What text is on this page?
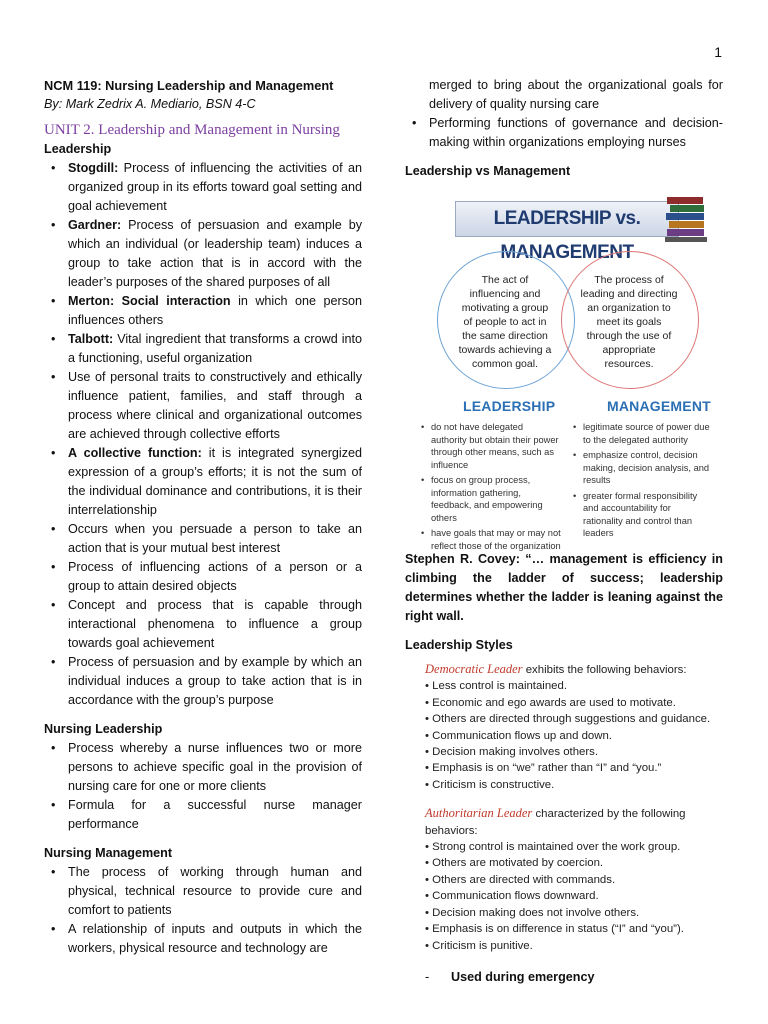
1
NCM 119: Nursing Leadership and Management
By: Mark Zedrix A. Mediario, BSN 4-C
UNIT 2. Leadership and Management in Nursing
Leadership
• Stogdill: Process of influencing the activities of an organized group in its efforts toward goal setting and goal achievement
• Gardner: Process of persuasion and example by which an individual (or leadership team) induces a group to take action that is in accord with the leader’s purposes of the shared purposes of all
• Merton: Social interaction in which one person influences others
• Talbott: Vital ingredient that transforms a crowd into a functioning, useful organization
• Use of personal traits to constructively and ethically influence patient, families, and staff through a process where clinical and organizational outcomes are achieved through collective efforts
• A collective function: it is integrated synergized expression of a group’s efforts; it is not the sum of the individual dominance and contributions, it is their interrelationship
• Occurs when you persuade a person to take an action that is your mutual best interest
• Process of influencing actions of a person or a group to attain desired objects
• Concept and process that is capable through interactional phenomena to influence a group towards goal achievement
• Process of persuasion and by example by which an individual induces a group to take action that is in accordance with the group’s purpose
Nursing Leadership
• Process whereby a nurse influences two or more persons to achieve specific goal in the provision of nursing care for one or more clients
• Formula for a successful nurse manager performance
Nursing Management
• The process of working through human and physical, technical resource to provide cure and comfort to patients
• A relationship of inputs and outputs in which the workers, physical resource and technology are
merged to bring about the organizational goals for delivery of quality nursing care
• Performing functions of governance and decision-making within organizations employing nurses
Leadership vs Management
LEADERSHIP vs. MANAGEMENT
The act of influencing and motivating a group of people to act in the same direction towards achieving a common goal.
The process of leading and directing an organization to meet its goals through the use of appropriate resources.
LEADERSHIP	MANAGEMENT
• do not have delegated authority but obtain their power through other means, such as influence
• focus on group process, information gathering, feedback, and empowering others
• have goals that may or may not reflect those of the organization
• legitimate source of power due to the delegated authority
• emphasize control, decision making, decision analysis, and results
• greater formal responsibility and accountability for rationality and control than leaders
Stephen R. Covey: “… management is efficiency in climbing the ladder of success; leadership determines whether the ladder is leaning against the right wall.
Leadership Styles
Democratic Leader exhibits the following behaviors:
• Less control is maintained.
• Economic and ego awards are used to motivate.
• Others are directed through suggestions and guidance.
• Communication flows up and down.
• Decision making involves others.
• Emphasis is on “we” rather than “I” and “you.”
• Criticism is constructive.
Authoritarian Leader characterized by the following behaviors:
• Strong control is maintained over the work group.
• Others are motivated by coercion.
• Others are directed with commands.
• Communication flows downward.
• Decision making does not involve others.
• Emphasis is on difference in status (“I” and “you”).
• Criticism is punitive.
- Used during emergency
